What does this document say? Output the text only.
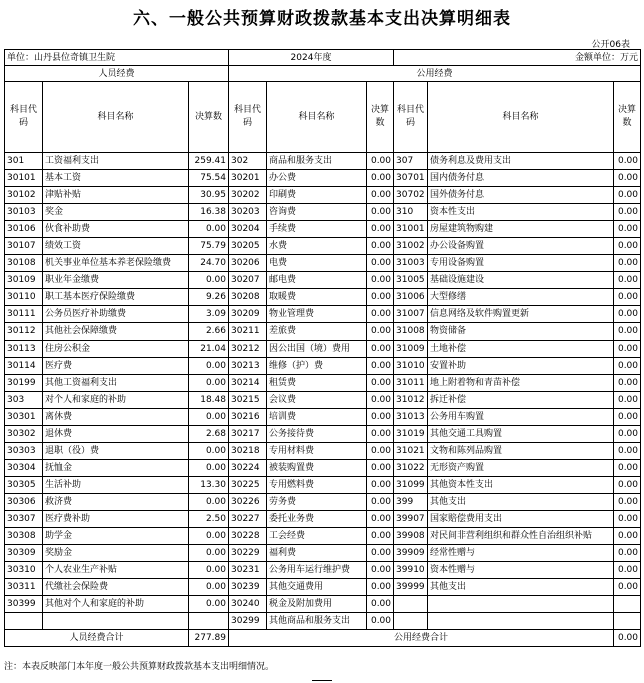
六、一般公共预算财政拨款基本支出决算明细表
公开06表
单位：山丹县位奇镇卫生院			2024年度			金额单位：万元		
人员经费			公用经费					
科目代码	科目名称	决算数	科目代码	科目名称	决算数	科目代码	科目名称	决算数
301	工资福利支出	259.41	302	商品和服务支出	0.00	307	债务利息及费用支出	0.00
30101	基本工资	75.54	30201	办公费	0.00	30701	国内债务付息	0.00
30102	津贴补贴	30.95	30202	印刷费	0.00	30702	国外债务付息	0.00
30103	奖金	16.38	30203	咨询费	0.00	310	资本性支出	0.00
30106	伙食补助费	0.00	30204	手续费	0.00	31001	房屋建筑物购建	0.00
30107	绩效工资	75.79	30205	水费	0.00	31002	办公设备购置	0.00
30108	机关事业单位基本养老保险缴费	24.70	30206	电费	0.00	31003	专用设备购置	0.00
30109	职业年金缴费	0.00	30207	邮电费	0.00	31005	基础设施建设	0.00
30110	职工基本医疗保险缴费	9.26	30208	取暖费	0.00	31006	大型修缮	0.00
30111	公务员医疗补助缴费	3.09	30209	物业管理费	0.00	31007	信息网络及软件购置更新	0.00
30112	其他社会保障缴费	2.66	30211	差旅费	0.00	31008	物资储备	0.00
30113	住房公积金	21.04	30212	因公出国（境）费用	0.00	31009	土地补偿	0.00
30114	医疗费	0.00	30213	维修（护）费	0.00	31010	安置补助	0.00
30199	其他工资福利支出	0.00	30214	租赁费	0.00	31011	地上附着物和青苗补偿	0.00
303	对个人和家庭的补助	18.48	30215	会议费	0.00	31012	拆迁补偿	0.00
30301	离休费	0.00	30216	培训费	0.00	31013	公务用车购置	0.00
30302	退休费	2.68	30217	公务接待费	0.00	31019	其他交通工具购置	0.00
30303	退职（役）费	0.00	30218	专用材料费	0.00	31021	文物和陈列品购置	0.00
30304	抚恤金	0.00	30224	被装购置费	0.00	31022	无形资产购置	0.00
30305	生活补助	13.30	30225	专用燃料费	0.00	31099	其他资本性支出	0.00
30306	救济费	0.00	30226	劳务费	0.00	399	其他支出	0.00
30307	医疗费补助	2.50	30227	委托业务费	0.00	39907	国家赔偿费用支出	0.00
30308	助学金	0.00	30228	工会经费	0.00	39908	对民间非营利组织和群众性自治组织补贴	0.00
30309	奖励金	0.00	30229	福利费	0.00	39909	经常性赠与	0.00
30310	个人农业生产补贴	0.00	30231	公务用车运行维护费	0.00	39910	资本性赠与	0.00
30311	代缴社会保险费	0.00	30239	其他交通费用	0.00	39999	其他支出	0.00
30399	其他对个人和家庭的补助	0.00	30240	税金及附加费用	0.00			
			30299	其他商品和服务支出	0.00			
人员经费合计		277.89	公用经费合计					0.00
注：本表反映部门本年度一般公共预算财政拨款基本支出明细情况。
